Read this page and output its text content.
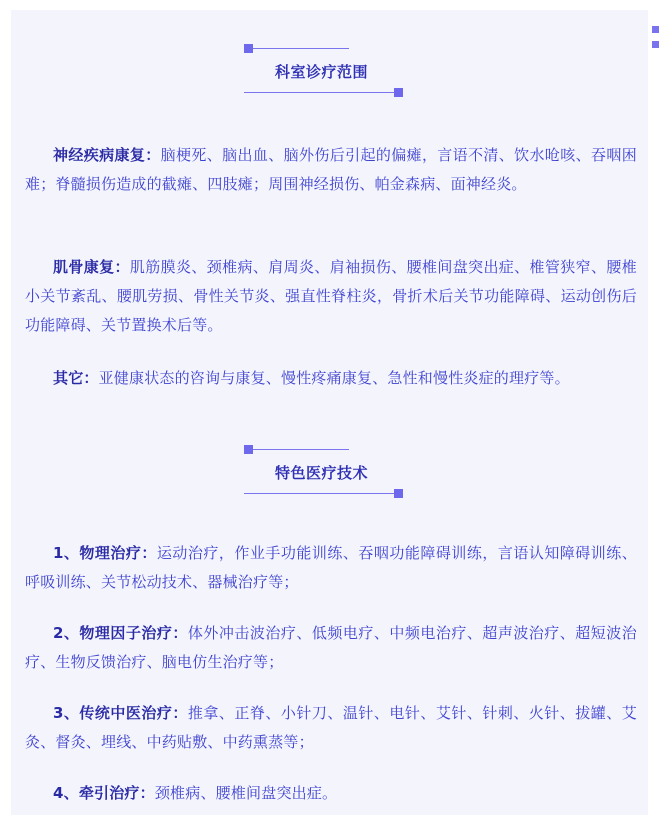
科室诊疗范围

神经疾病康复：脑梗死、脑出血、脑外伤后引起的偏瘫，言语不清、饮水呛咳、吞咽困难；脊髓损伤造成的截瘫、四肢瘫；周围神经损伤、帕金森病、面神经炎。

肌骨康复：肌筋膜炎、颈椎病、肩周炎、肩袖损伤、腰椎间盘突出症、椎管狭窄、腰椎小关节紊乱、腰肌劳损、骨性关节炎、强直性脊柱炎，骨折术后关节功能障碍、运动创伤后功能障碍、关节置换术后等。

其它：亚健康状态的咨询与康复、慢性疼痛康复、急性和慢性炎症的理疗等。

特色医疗技术

1、物理治疗：运动治疗，作业手功能训练、吞咽功能障碍训练，言语认知障碍训练、呼吸训练、关节松动技术、器械治疗等；

2、物理因子治疗：体外冲击波治疗、低频电疗、中频电治疗、超声波治疗、超短波治疗、生物反馈治疗、脑电仿生治疗等；

3、传统中医治疗：推拿、正脊、小针刀、温针、电针、艾针、针刺、火针、拔罐、艾灸、督灸、埋线、中药贴敷、中药熏蒸等；

4、牵引治疗：颈椎病、腰椎间盘突出症。
